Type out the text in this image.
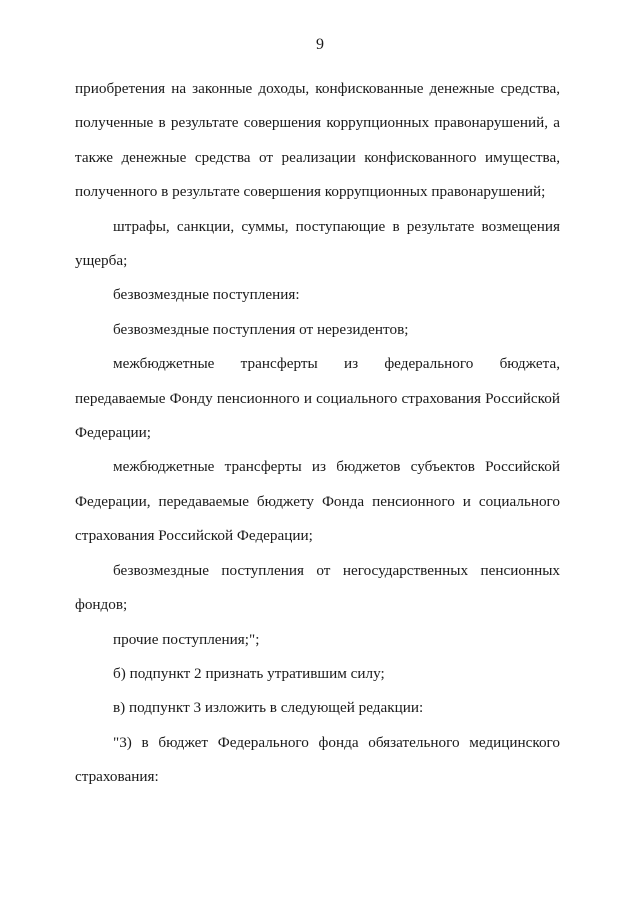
9

приобретения на законные доходы, конфискованные денежные средства, полученные в результате совершения коррупционных правонарушений, а также денежные средства от реализации конфискованного имущества, полученного в результате совершения коррупционных правонарушений;

штрафы, санкции, суммы, поступающие в результате возмещения ущерба;

безвозмездные поступления:

безвозмездные поступления от нерезидентов;

межбюджетные трансферты из федерального бюджета, передаваемые Фонду пенсионного и социального страхования Российской Федерации;

межбюджетные трансферты из бюджетов субъектов Российской Федерации, передаваемые бюджету Фонда пенсионного и социального страхования Российской Федерации;

безвозмездные поступления от негосударственных пенсионных фондов;

прочие поступления;";

б) подпункт 2 признать утратившим силу;

в) подпункт 3 изложить в следующей редакции:

"3) в бюджет Федерального фонда обязательного медицинского страхования:
